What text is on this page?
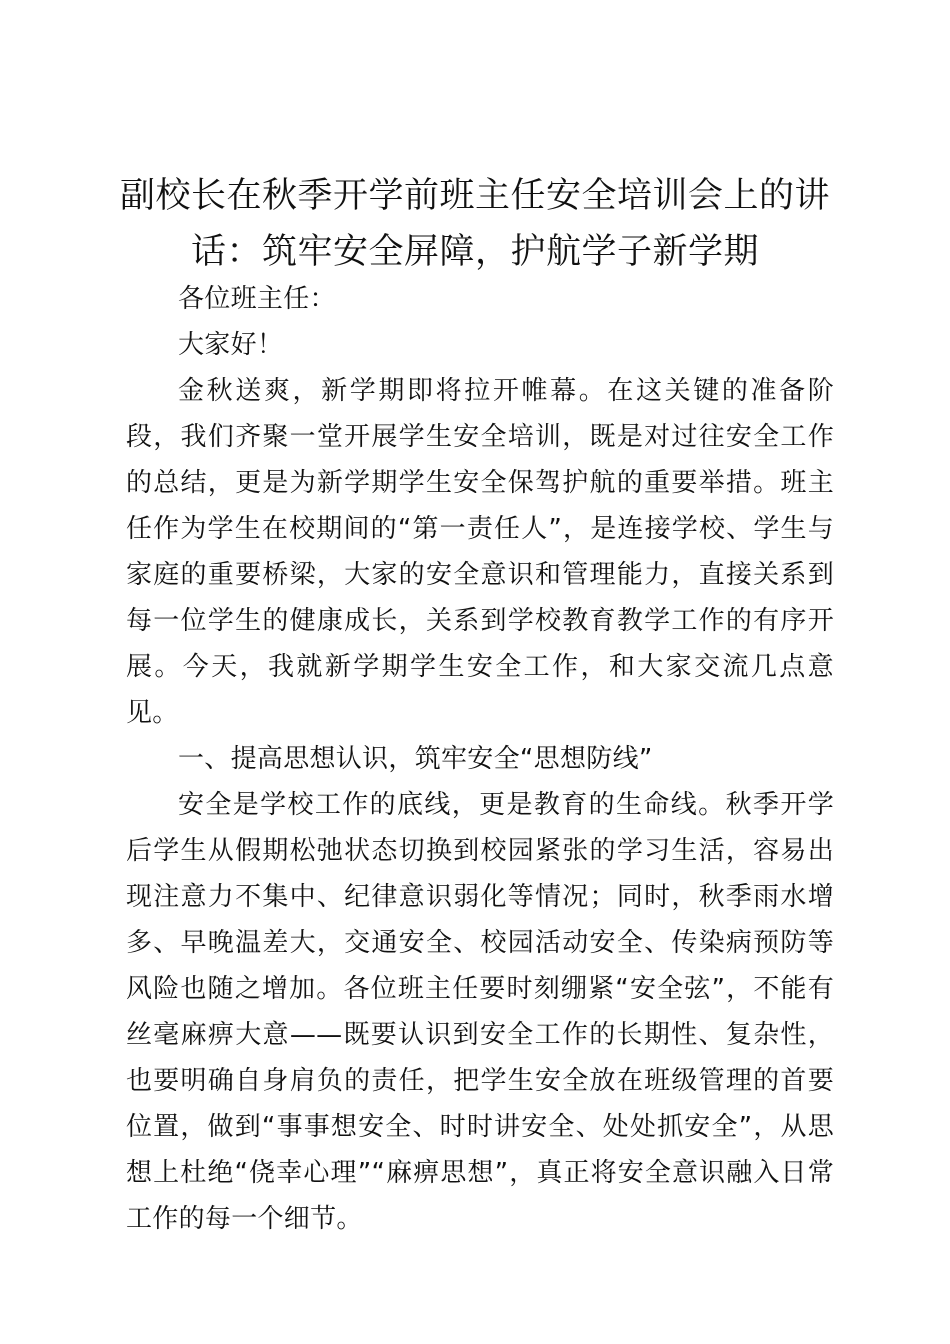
副校长在秋季开学前班主任安全培训会上的讲话：筑牢安全屏障，护航学子新学期

各位班主任：

大家好！

金秋送爽，新学期即将拉开帷幕。在这关键的准备阶段，我们齐聚一堂开展学生安全培训，既是对过往安全工作的总结，更是为新学期学生安全保驾护航的重要举措。班主任作为学生在校期间的“第一责任人”，是连接学校、学生与家庭的重要桥梁，大家的安全意识和管理能力，直接关系到每一位学生的健康成长，关系到学校教育教学工作的有序开展。今天，我就新学期学生安全工作，和大家交流几点意见。

一、提高思想认识，筑牢安全“思想防线”

安全是学校工作的底线，更是教育的生命线。秋季开学后学生从假期松弛状态切换到校园紧张的学习生活，容易出现注意力不集中、纪律意识弱化等情况；同时，秋季雨水增多、早晚温差大，交通安全、校园活动安全、传染病预防等风险也随之增加。各位班主任要时刻绷紧“安全弦”，不能有丝毫麻痹大意——既要认识到安全工作的长期性、复杂性，也要明确自身肩负的责任，把学生安全放在班级管理的首要位置，做到“事事想安全、时时讲安全、处处抓安全”，从思想上杜绝“侥幸心理”“麻痹思想”，真正将安全意识融入日常工作的每一个细节。
